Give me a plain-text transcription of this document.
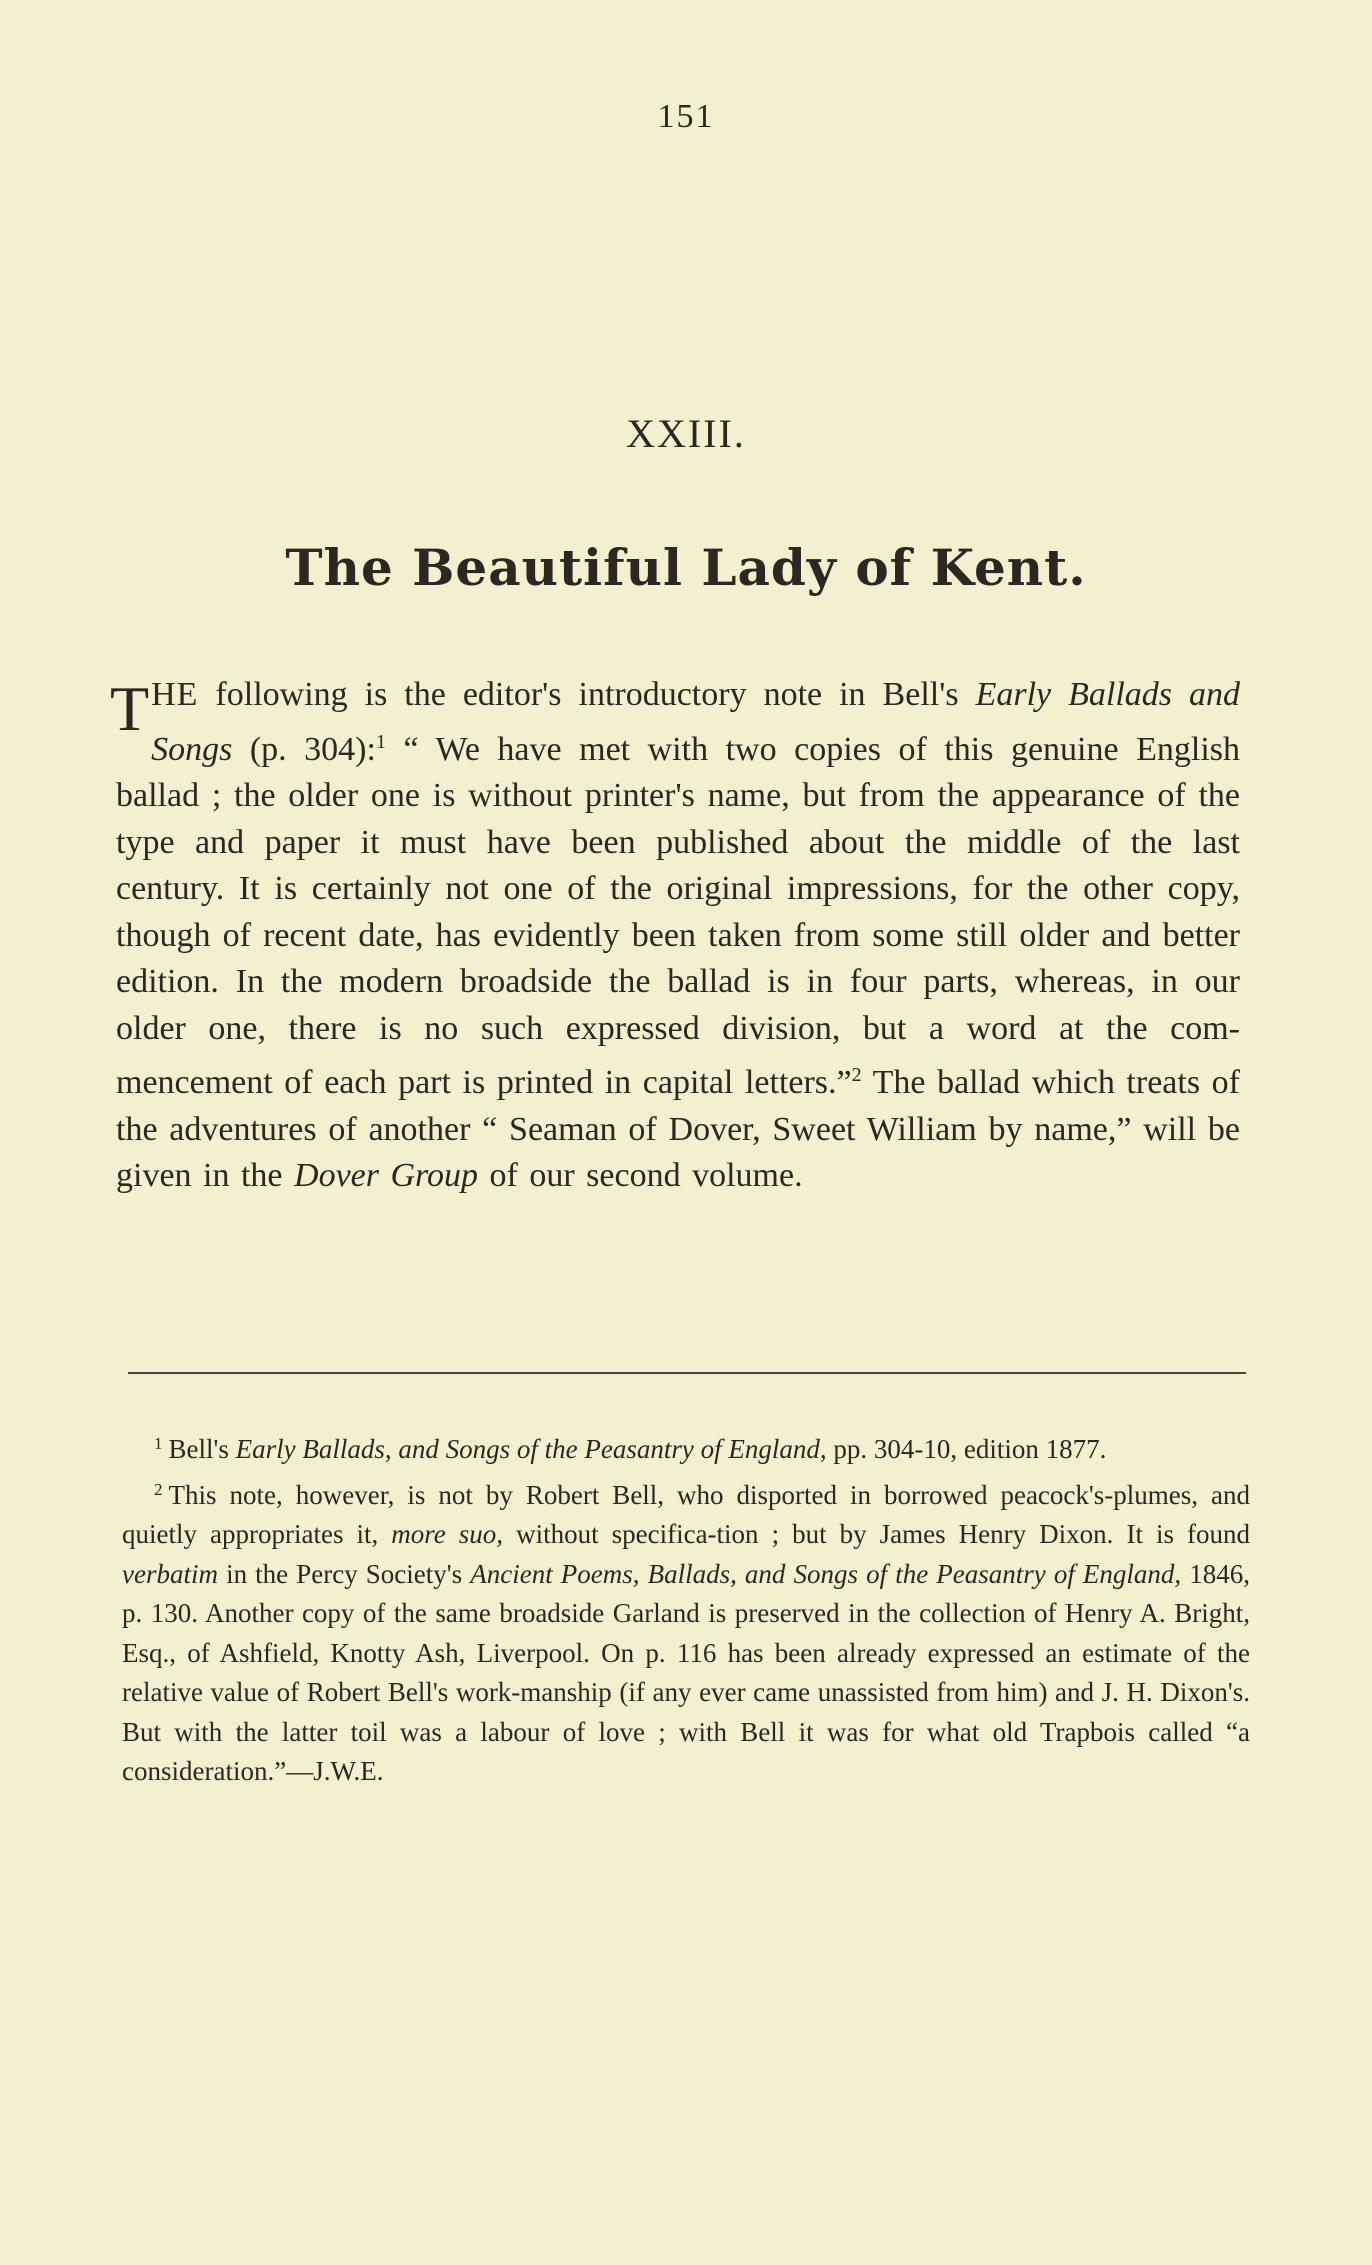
151
XXIII.
The Beautiful Lady of Kent.
THE following is the editor's introductory note in Bell's Early Ballads and Songs (p. 304):$^1$ “ We have met with two copies of this genuine English ballad ; the older one is without printer's name, but from the appearance of the type and paper it must have been published about the middle of the last century. It is certainly not one of the original impressions, for the other copy, though of recent date, has evidently been taken from some still older and better edition. In the modern broadside the ballad is in four parts, whereas, in our older one, there is no such expressed division, but a word at the com-mencement of each part is printed in capital letters.”$^2$ The ballad which treats of the adventures of another “ Seaman of Dover, Sweet William by name,” will be given in the Dover Group of our second volume.

$^1$ Bell's Early Ballads, and Songs of the Peasantry of England, pp. 304-10, edition 1877.

$^2$ This note, however, is not by Robert Bell, who disported in borrowed peacock's-plumes, and quietly appropriates it, more suo, without specifica-tion ; but by James Henry Dixon. It is found verbatim in the Percy Society's Ancient Poems, Ballads, and Songs of the Peasantry of England, 1846, p. 130. Another copy of the same broadside Garland is preserved in the collection of Henry A. Bright, Esq., of Ashfield, Knotty Ash, Liverpool. On p. 116 has been already expressed an estimate of the relative value of Robert Bell's work-manship (if any ever came unassisted from him) and J. H. Dixon's. But with the latter toil was a labour of love ; with Bell it was for what old Trapbois called “a consideration.”—J.W.E.
